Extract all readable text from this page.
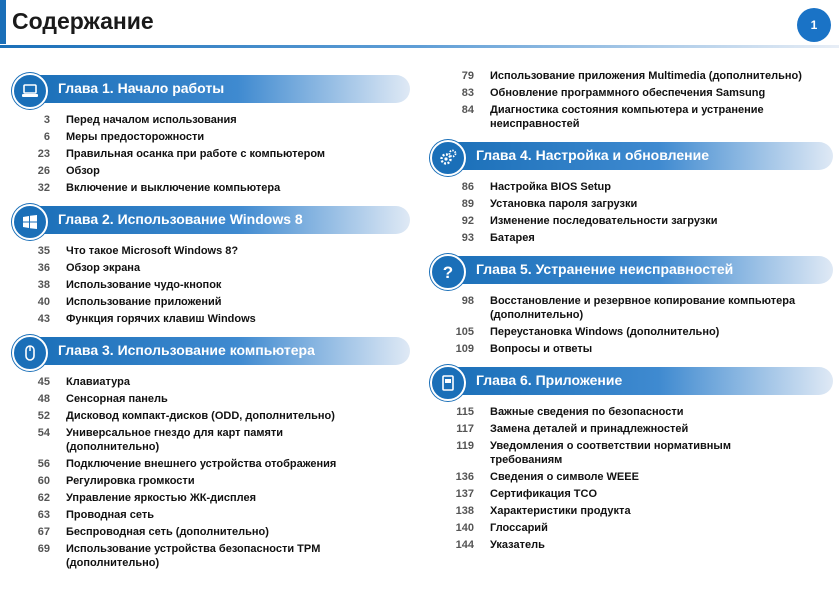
Содержание	1
Глава 1. Начало работы
3	Перед началом использования
6	Меры предосторожности
23	Правильная осанка при работе с компьютером
26	Обзор
32	Включение и выключение компьютера
Глава 2. Использование Windows 8
35	Что такое Microsoft Windows 8?
36	Обзор экрана
38	Использование чудо-кнопок
40	Использование приложений
43	Функция горячих клавиш Windows
Глава 3. Использование компьютера
45	Клавиатура
48	Сенсорная панель
52	Дисковод компакт-дисков (ODD, дополнительно)
54	Универсальное гнездо для карт памяти (дополнительно)
56	Подключение внешнего устройства отображения
60	Регулировка громкости
62	Управление яркостью ЖК-дисплея
63	Проводная сеть
67	Беспроводная сеть (дополнительно)
69	Использование устройства безопасности TPM (дополнительно)
79	Использование приложения Multimedia (дополнительно)
83	Обновление программного обеспечения Samsung
84	Диагностика состояния компьютера и устранение неисправностей
Глава 4. Настройка и обновление
86	Настройка BIOS Setup
89	Установка пароля загрузки
92	Изменение последовательности загрузки
93	Батарея
? Глава 5. Устранение неисправностей
98	Восстановление и резервное копирование компьютера (дополнительно)
105	Переустановка Windows (дополнительно)
109	Вопросы и ответы
Глава 6. Приложение
115	Важные сведения по безопасности
117	Замена деталей и принадлежностей
119	Уведомления о соответствии нормативным требованиям
136	Сведения о символе WEEE
137	Сертификация TCO
138	Характеристики продукта
140	Глоссарий
144	Указатель
